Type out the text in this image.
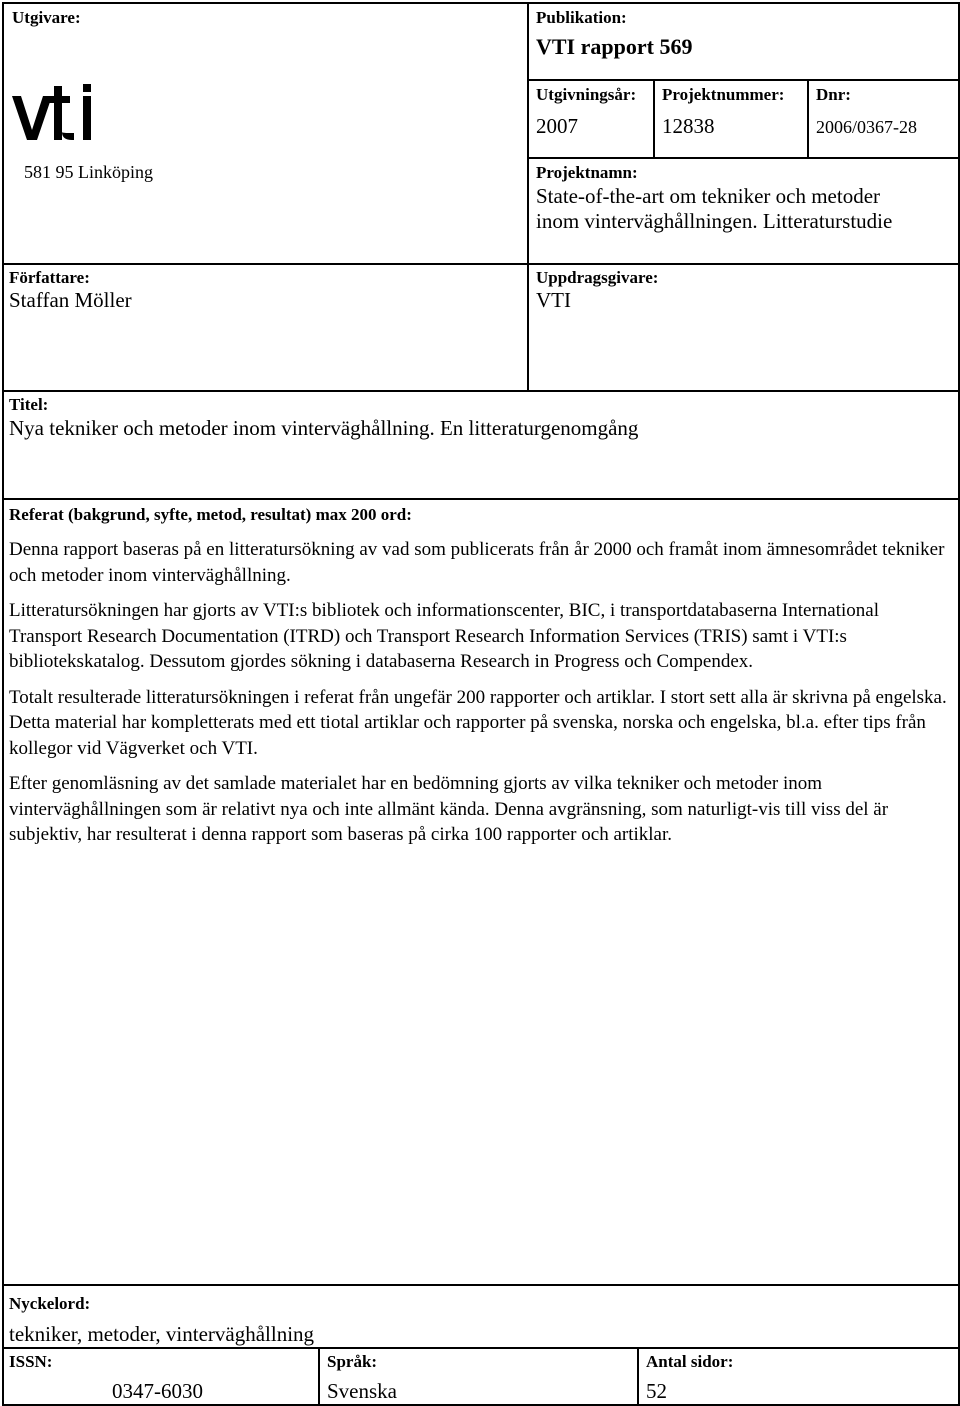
Utgivare:
581 95 Linköping
Publikation:
VTI rapport 569
Utgivningsår:
2007
Projektnummer:
12838
Dnr:
2006/0367-28
Projektnamn:
State-of-the-art om tekniker och metoder
inom vinterväghållningen. Litteraturstudie
Författare:
Staffan Möller
Uppdragsgivare:
VTI
Titel:
Nya tekniker och metoder inom vinterväghållning. En litteraturgenomgång
Referat (bakgrund, syfte, metod, resultat) max 200 ord:

Denna rapport baseras på en litteratursökning av vad som publicerats från år 2000 och framåt inom ämnesområdet tekniker och metoder inom vinterväghållning.

Litteratursökningen har gjorts av VTI:s bibliotek och informationscenter, BIC, i transportdatabaserna International Transport Research Documentation (ITRD) och Transport Research Information Services (TRIS) samt i VTI:s bibliotekskatalog. Dessutom gjordes sökning i databaserna Research in Progress och Compendex.

Totalt resulterade litteratursökningen i referat från ungefär 200 rapporter och artiklar. I stort sett alla är skrivna på engelska. Detta material har kompletterats med ett tiotal artiklar och rapporter på svenska, norska och engelska, bl.a. efter tips från kollegor vid Vägverket och VTI.

Efter genomläsning av det samlade materialet har en bedömning gjorts av vilka tekniker och metoder inom vinterväghållningen som är relativt nya och inte allmänt kända. Denna avgränsning, som naturligt-vis till viss del är subjektiv, har resulterat i denna rapport som baseras på cirka 100 rapporter och artiklar.

Nyckelord:
tekniker, metoder, vinterväghållning
ISSN:
0347-6030
Språk:
Svenska
Antal sidor:
52
